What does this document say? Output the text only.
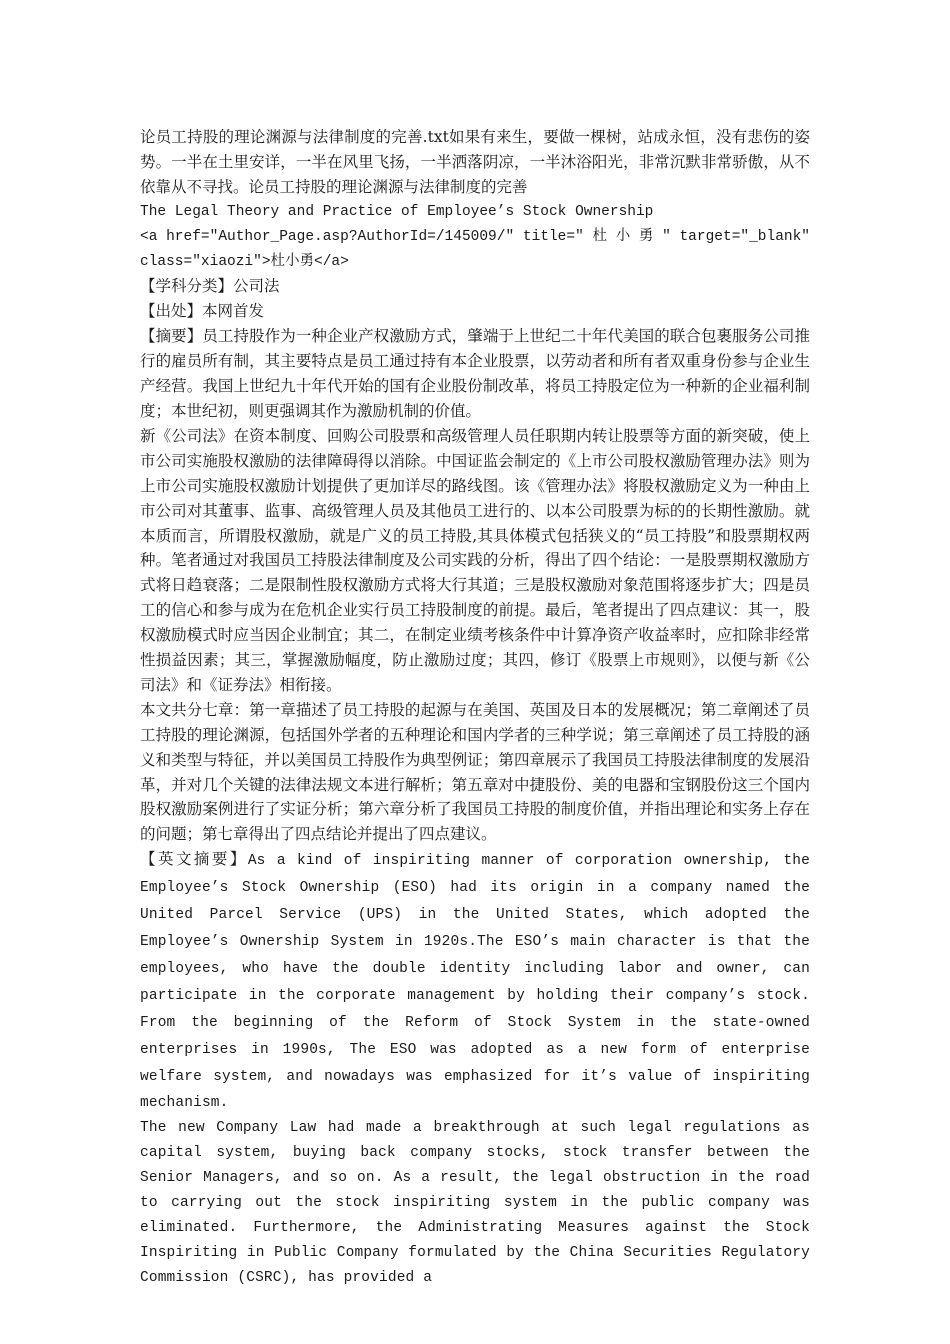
论员工持股的理论渊源与法律制度的完善.txt如果有来生，要做一棵树，站成永恒，没有悲伤的姿势。一半在土里安详，一半在风里飞扬，一半洒落阴凉，一半沐浴阳光，非常沉默非常骄傲，从不依靠从不寻找。论员工持股的理论渊源与法律制度的完善

The Legal Theory and Practice of Employee’s Stock Ownership

<a href="Author_Page.asp?AuthorId=/145009/" title=" 杜 小 勇 " target="_blank" class="xiaozi">杜小勇</a>

【学科分类】公司法

【出处】本网首发

【摘要】员工持股作为一种企业产权激励方式，肇端于上世纪二十年代美国的联合包裹服务公司推行的雇员所有制，其主要特点是员工通过持有本企业股票，以劳动者和所有者双重身份参与企业生产经营。我国上世纪九十年代开始的国有企业股份制改革，将员工持股定位为一种新的企业福利制度；本世纪初，则更强调其作为激励机制的价值。

新《公司法》在资本制度、回购公司股票和高级管理人员任职期内转让股票等方面的新突破，使上市公司实施股权激励的法律障碍得以消除。中国证监会制定的《上市公司股权激励管理办法》则为上市公司实施股权激励计划提供了更加详尽的路线图。该《管理办法》将股权激励定义为一种由上市公司对其董事、监事、高级管理人员及其他员工进行的、以本公司股票为标的的长期性激励。就本质而言，所谓股权激励，就是广义的员工持股,其具体模式包括狭义的“员工持股”和股票期权两种。笔者通过对我国员工持股法律制度及公司实践的分析，得出了四个结论：一是股票期权激励方式将日趋衰落；二是限制性股权激励方式将大行其道；三是股权激励对象范围将逐步扩大；四是员工的信心和参与成为在危机企业实行员工持股制度的前提。最后，笔者提出了四点建议：其一，股权激励模式时应当因企业制宜；其二，在制定业绩考核条件中计算净资产收益率时，应扣除非经常性损益因素；其三，掌握激励幅度，防止激励过度；其四，修订《股票上市规则》，以便与新《公司法》和《证券法》相衔接。

本文共分七章：第一章描述了员工持股的起源与在美国、英国及日本的发展概况；第二章阐述了员工持股的理论渊源，包括国外学者的五种理论和国内学者的三种学说；第三章阐述了员工持股的涵义和类型与特征，并以美国员工持股作为典型例证；第四章展示了我国员工持股法律制度的发展沿革，并对几个关键的法律法规文本进行解析；第五章对中捷股份、美的电器和宝钢股份这三个国内股权激励案例进行了实证分析；第六章分析了我国员工持股的制度价值，并指出理论和实务上存在的问题；第七章得出了四点结论并提出了四点建议。

【英文摘要】As a kind of inspiriting manner of corporation ownership, the Employee’s Stock Ownership (ESO) had its origin in a company named the United Parcel Service (UPS) in the United States, which adopted the Employee’s Ownership System in 1920s.The ESO’s main character is that the employees, who have the double identity including labor and owner, can participate in the corporate management by holding their company’s stock. From the beginning of the Reform of Stock System in the state-owned enterprises in 1990s, The ESO was adopted as a new form of enterprise welfare system, and nowadays was emphasized for it’s value of inspiriting mechanism.

The new Company Law had made a breakthrough at such legal regulations as capital system, buying back company stocks, stock transfer between the Senior Managers, and so on. As a result, the legal obstruction in the road to carrying out the stock inspiriting system in the public company was eliminated. Furthermore, the Administrating Measures against the Stock Inspiriting in Public Company formulated by the China Securities Regulatory Commission (CSRC), has provided a
